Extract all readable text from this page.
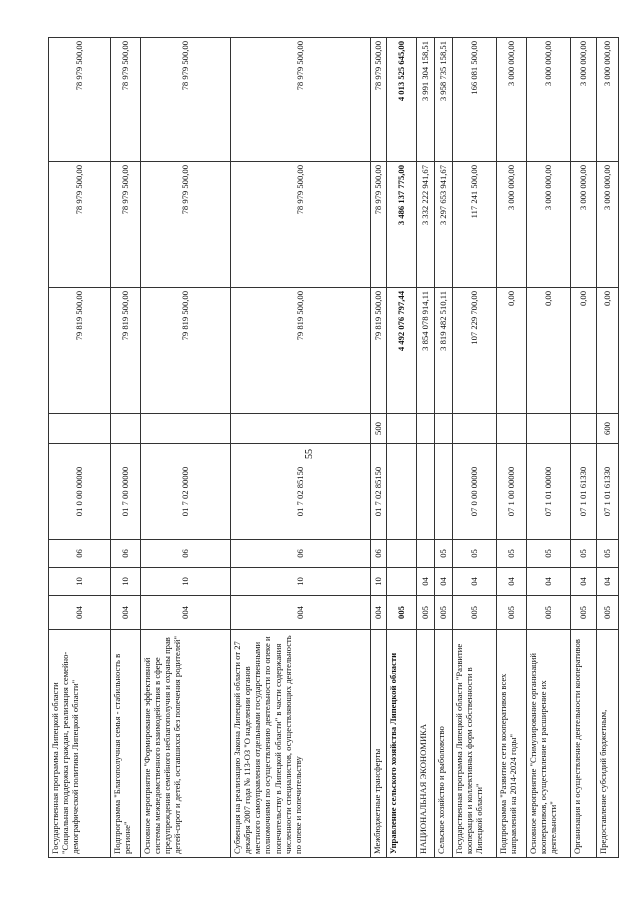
55
Государственная программа Липецкой области "Социальная поддержка граждан, реализация семейно-демографической политики Липецкой области"	004	10	06	01 0 00 00000		79 819 500,00	78 979 500,00	78 979 500,00
Подпрограмма "Благополучная семья - стабильность в регионе"	004	10	06	01 7 00 00000		79 819 500,00	78 979 500,00	78 979 500,00
Основное мероприятие "Формирование эффективной системы межведомственного взаимодействия в сфере предупреждения семейного неблагополучия и охраны прав детей-сирот и детей, оставшихся без попечения родителей"	004	10	06	01 7 02 00000		79 819 500,00	78 979 500,00	78 979 500,00
Субвенция на реализацию Закона Липецкой области от 27 декабря 2007 года № 113-ОЗ "О наделении органов местного самоуправления отдельными государственными полномочиями по осуществлению деятельности по опеке и попечительству в Липецкой области" в части содержания численности специалистов, осуществляющих деятельность по опеке и попечительству	004	10	06	01 7 02 85150		79 819 500,00	78 979 500,00	78 979 500,00
Межбюджетные трансферты	004	10	06	01 7 02 85150	500	79 819 500,00	78 979 500,00	78 979 500,00
Управление сельского хозяйства Липецкой области	005					4 492 076 797,44	3 486 137 775,00	4 013 525 645,00
НАЦИОНАЛЬНАЯ ЭКОНОМИКА	005	04				3 854 078 914,11	3 332 222 941,67	3 991 304 158,51
Сельское хозяйство и рыболовство	005	04	05			3 819 482 510,11	3 297 653 941,67	3 958 735 158,51
Государственная программа Липецкой области "Развитие кооперации и коллективных форм собственности в Липецкой области"	005	04	05	07 0 00 00000		107 229 700,00	117 241 500,00	166 081 500,00
Подпрограмма "Развитие сети кооперативов всех направлений на 2014-2024 годы"	005	04	05	07 1 00 00000		0,00	3 000 000,00	3 000 000,00
Основное мероприятие "Стимулирование организаций кооперативов, осуществление и расширение их деятельности"	005	04	05	07 1 01 00000		0,00	3 000 000,00	3 000 000,00
Организация и осуществление деятельности кооперативов	005	04	05	07 1 01 61330		0,00	3 000 000,00	3 000 000,00
Предоставление субсидий бюджетным,	005	04	05	07 1 01 61330	600	0,00	3 000 000,00	3 000 000,00
